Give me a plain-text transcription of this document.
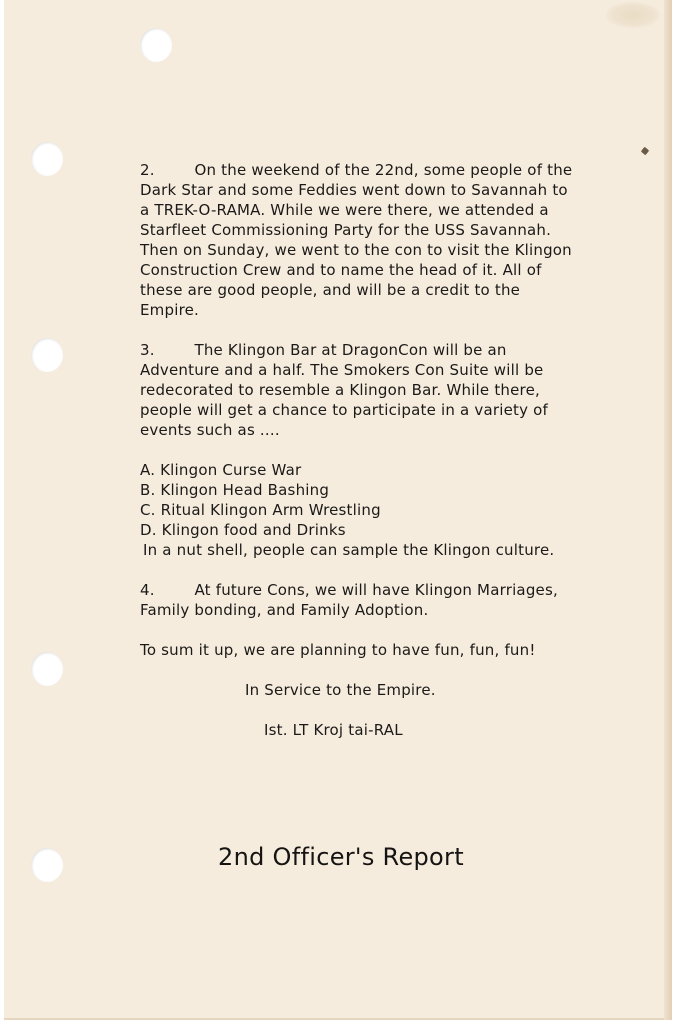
2.	On the weekend of the 22nd, some people of the Dark Star and some Feddies went down to Savannah to a TREK-O-RAMA. While we were there, we attended a Starfleet Commissioning Party for the USS Savannah. Then on Sunday, we went to the con to visit the Klingon Construction Crew and to name the head of it. All of these are good people, and will be a credit to the Empire.

3.	The Klingon Bar at DragonCon will be an Adventure and a half. The Smokers Con Suite will be redecorated to resemble a Klingon Bar. While there, people will get a chance to participate in a variety of events such as ....

A. Klingon Curse War
B. Klingon Head Bashing
C. Ritual Klingon Arm Wrestling
D. Klingon food and Drinks

In a nut shell, people can sample the Klingon culture.

4.	At future Cons, we will have Klingon Marriages, Family bonding, and Family Adoption.

To sum it up, we are planning to have fun, fun, fun!

In Service to the Empire.

Ist. LT Kroj tai-RAL

2nd Officer's Report
